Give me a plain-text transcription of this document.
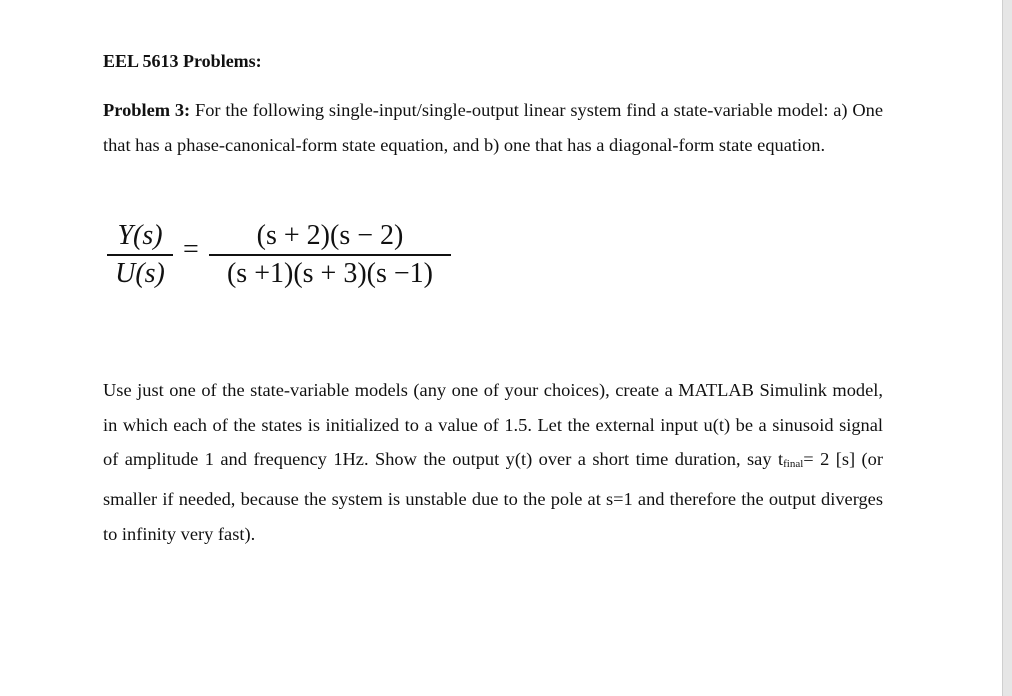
EEL 5613 Problems:
Problem 3: For the following single-input/single-output linear system find a state-variable model: a) One that has a phase-canonical-form state equation, and b) one that has a diagonal-form state equation.
Y(s)
U(s)
=	(s + 2)(s − 2)
(s +1)(s + 3)(s −1)
Use just one of the state-variable models (any one of your choices), create a MATLAB Simulink model, in which each of the states is initialized to a value of 1.5. Let the external input u(t) be a sinusoid signal of amplitude 1 and frequency 1Hz. Show the output y(t) over a short time duration, say tfinal= 2 [s] (or smaller if needed, because the system is unstable due to the pole at s=1 and therefore the output diverges to infinity very fast).
